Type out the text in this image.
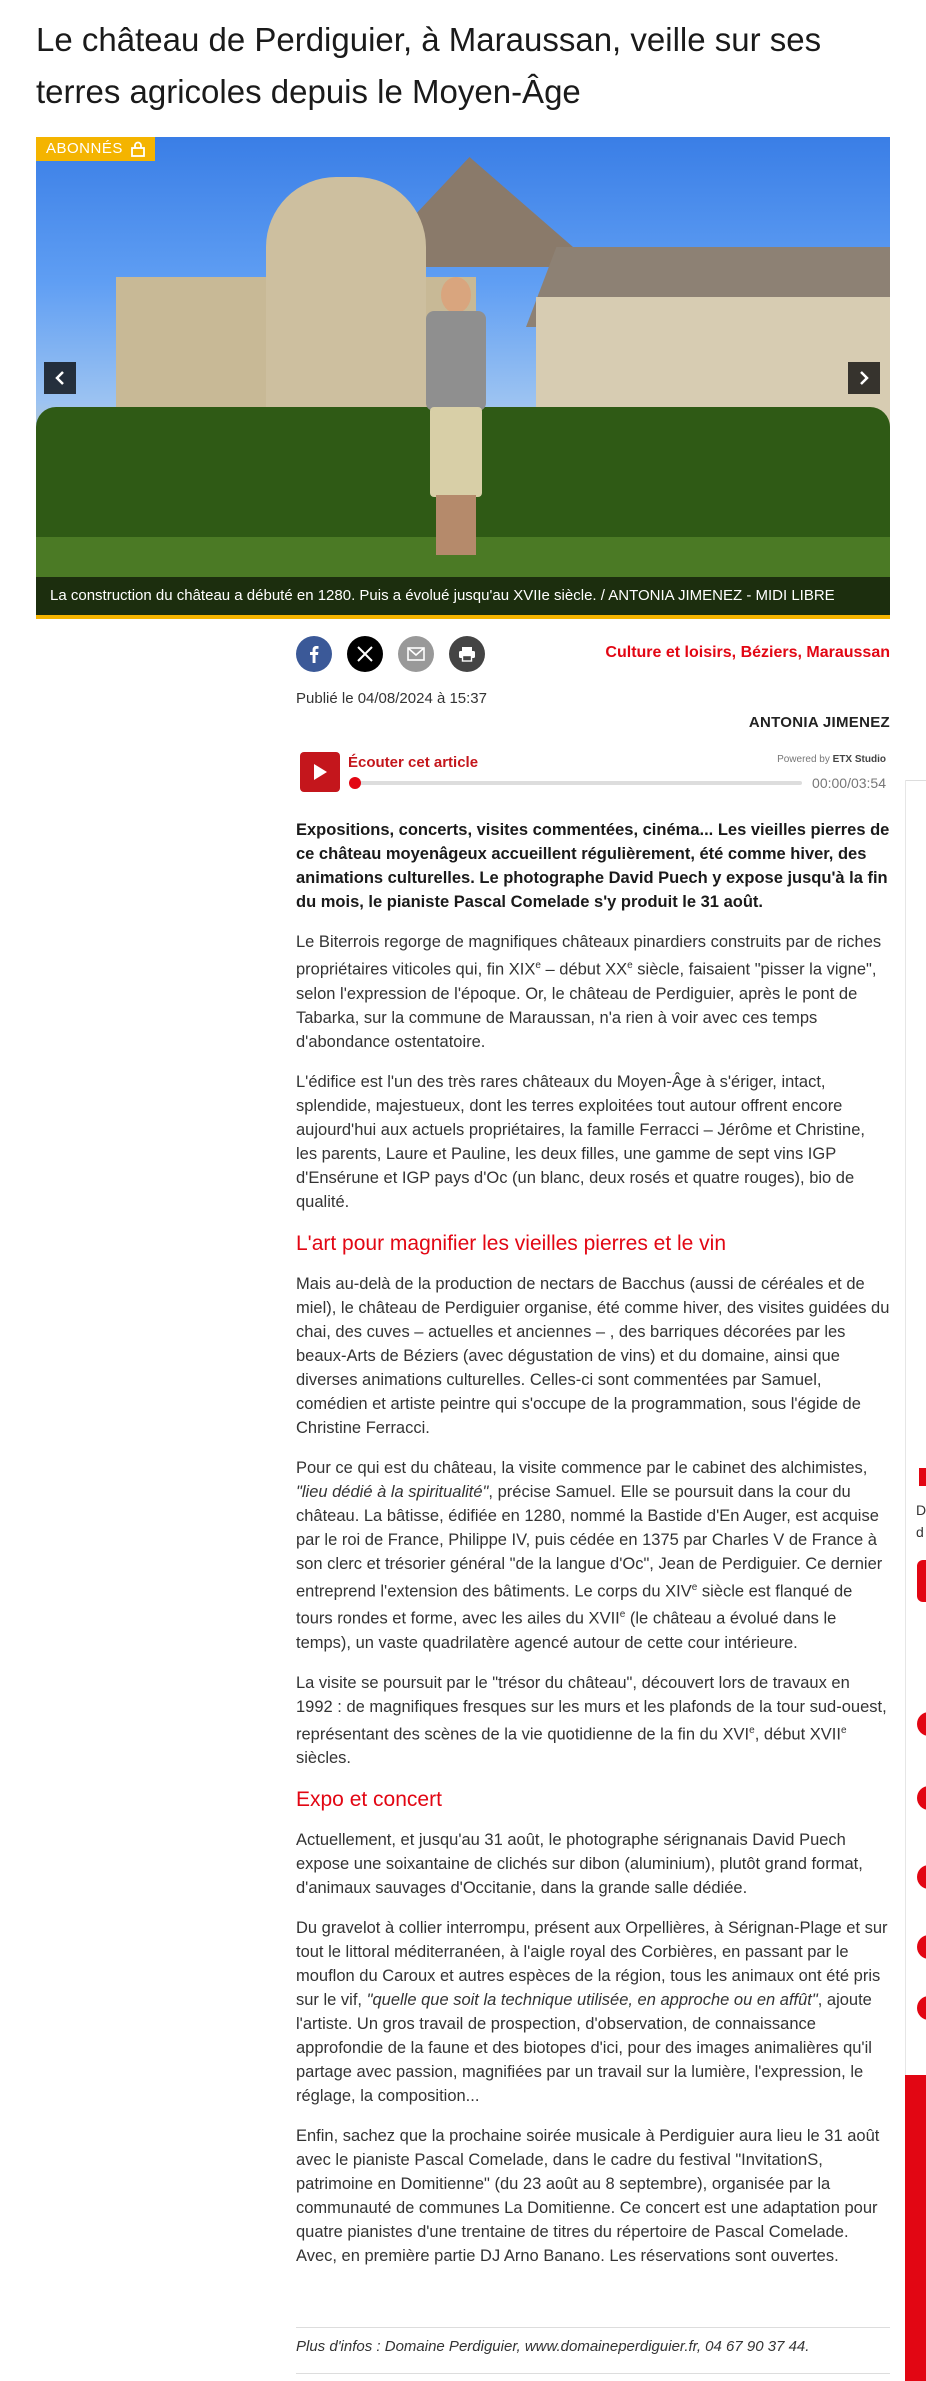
Le château de Perdiguier, à Maraussan, veille sur ses terres agricoles depuis le Moyen-Âge
ABONNÉS
La construction du château a débuté en 1280. Puis a évolué jusqu'au XVIIe siècle. / ANTONIA JIMENEZ - MIDI LIBRE
Culture et loisirs, Béziers, Maraussan
Publié le 04/08/2024 à 15:37
ANTONIA JIMENEZ
Écouter cet article	Powered by ETX Studio
00:00/03:54

Expositions, concerts, visites commentées, cinéma... Les vieilles pierres de ce château moyenâgeux accueillent régulièrement, été comme hiver, des animations culturelles. Le photographe David Puech y expose jusqu'à la fin du mois, le pianiste Pascal Comelade s'y produit le 31 août.

Le Biterrois regorge de magnifiques châteaux pinardiers construits par de riches propriétaires viticoles qui, fin XIXe – début XXe siècle, faisaient "pisser la vigne", selon l'expression de l'époque. Or, le château de Perdiguier, après le pont de Tabarka, sur la commune de Maraussan, n'a rien à voir avec ces temps d'abondance ostentatoire.

L'édifice est l'un des très rares châteaux du Moyen-Âge à s'ériger, intact, splendide, majestueux, dont les terres exploitées tout autour offrent encore aujourd'hui aux actuels propriétaires, la famille Ferracci – Jérôme et Christine, les parents, Laure et Pauline, les deux filles, une gamme de sept vins IGP d'Ensérune et IGP pays d'Oc (un blanc, deux rosés et quatre rouges), bio de qualité.

L'art pour magnifier les vieilles pierres et le vin

Mais au-delà de la production de nectars de Bacchus (aussi de céréales et de miel), le château de Perdiguier organise, été comme hiver, des visites guidées du chai, des cuves – actuelles et anciennes – , des barriques décorées par les beaux-Arts de Béziers (avec dégustation de vins) et du domaine, ainsi que diverses animations culturelles. Celles-ci sont commentées par Samuel, comédien et artiste peintre qui s'occupe de la programmation, sous l'égide de Christine Ferracci.

Pour ce qui est du château, la visite commence par le cabinet des alchimistes, "lieu dédié à la spiritualité", précise Samuel. Elle se poursuit dans la cour du château. La bâtisse, édifiée en 1280, nommé la Bastide d'En Auger, est acquise par le roi de France, Philippe IV, puis cédée en 1375 par Charles V de France à son clerc et trésorier général "de la langue d'Oc", Jean de Perdiguier. Ce dernier entreprend l'extension des bâtiments. Le corps du XIVe siècle est flanqué de tours rondes et forme, avec les ailes du XVIIe (le château a évolué dans le temps), un vaste quadrilatère agencé autour de cette cour intérieure.

La visite se poursuit par le "trésor du château", découvert lors de travaux en 1992 : de magnifiques fresques sur les murs et les plafonds de la tour sud-ouest, représentant des scènes de la vie quotidienne de la fin du XVIe, début XVIIe siècles.

Expo et concert

Actuellement, et jusqu'au 31 août, le photographe sérignanais David Puech expose une soixantaine de clichés sur dibon (aluminium), plutôt grand format, d'animaux sauvages d'Occitanie, dans la grande salle dédiée.

Du gravelot à collier interrompu, présent aux Orpellières, à Sérignan-Plage et sur tout le littoral méditerranéen, à l'aigle royal des Corbières, en passant par le mouflon du Caroux et autres espèces de la région, tous les animaux ont été pris sur le vif, "quelle que soit la technique utilisée, en approche ou en affût", ajoute l'artiste. Un gros travail de prospection, d'observation, de connaissance approfondie de la faune et des biotopes d'ici, pour des images animalières qu'il partage avec passion, magnifiées par un travail sur la lumière, l'expression, le réglage, la composition...

Enfin, sachez que la prochaine soirée musicale à Perdiguier aura lieu le 31 août avec le pianiste Pascal Comelade, dans le cadre du festival "InvitationS, patrimoine en Domitienne" (du 23 août au 8 septembre), organisée par la communauté de communes La Domitienne. Ce concert est une adaptation pour quatre pianistes d'une trentaine de titres du répertoire de Pascal Comelade. Avec, en première partie DJ Arno Banano. Les réservations sont ouvertes.

Plus d'infos : Domaine Perdiguier, www.domaineperdiguier.fr, 04 67 90 37 44.
D
d
